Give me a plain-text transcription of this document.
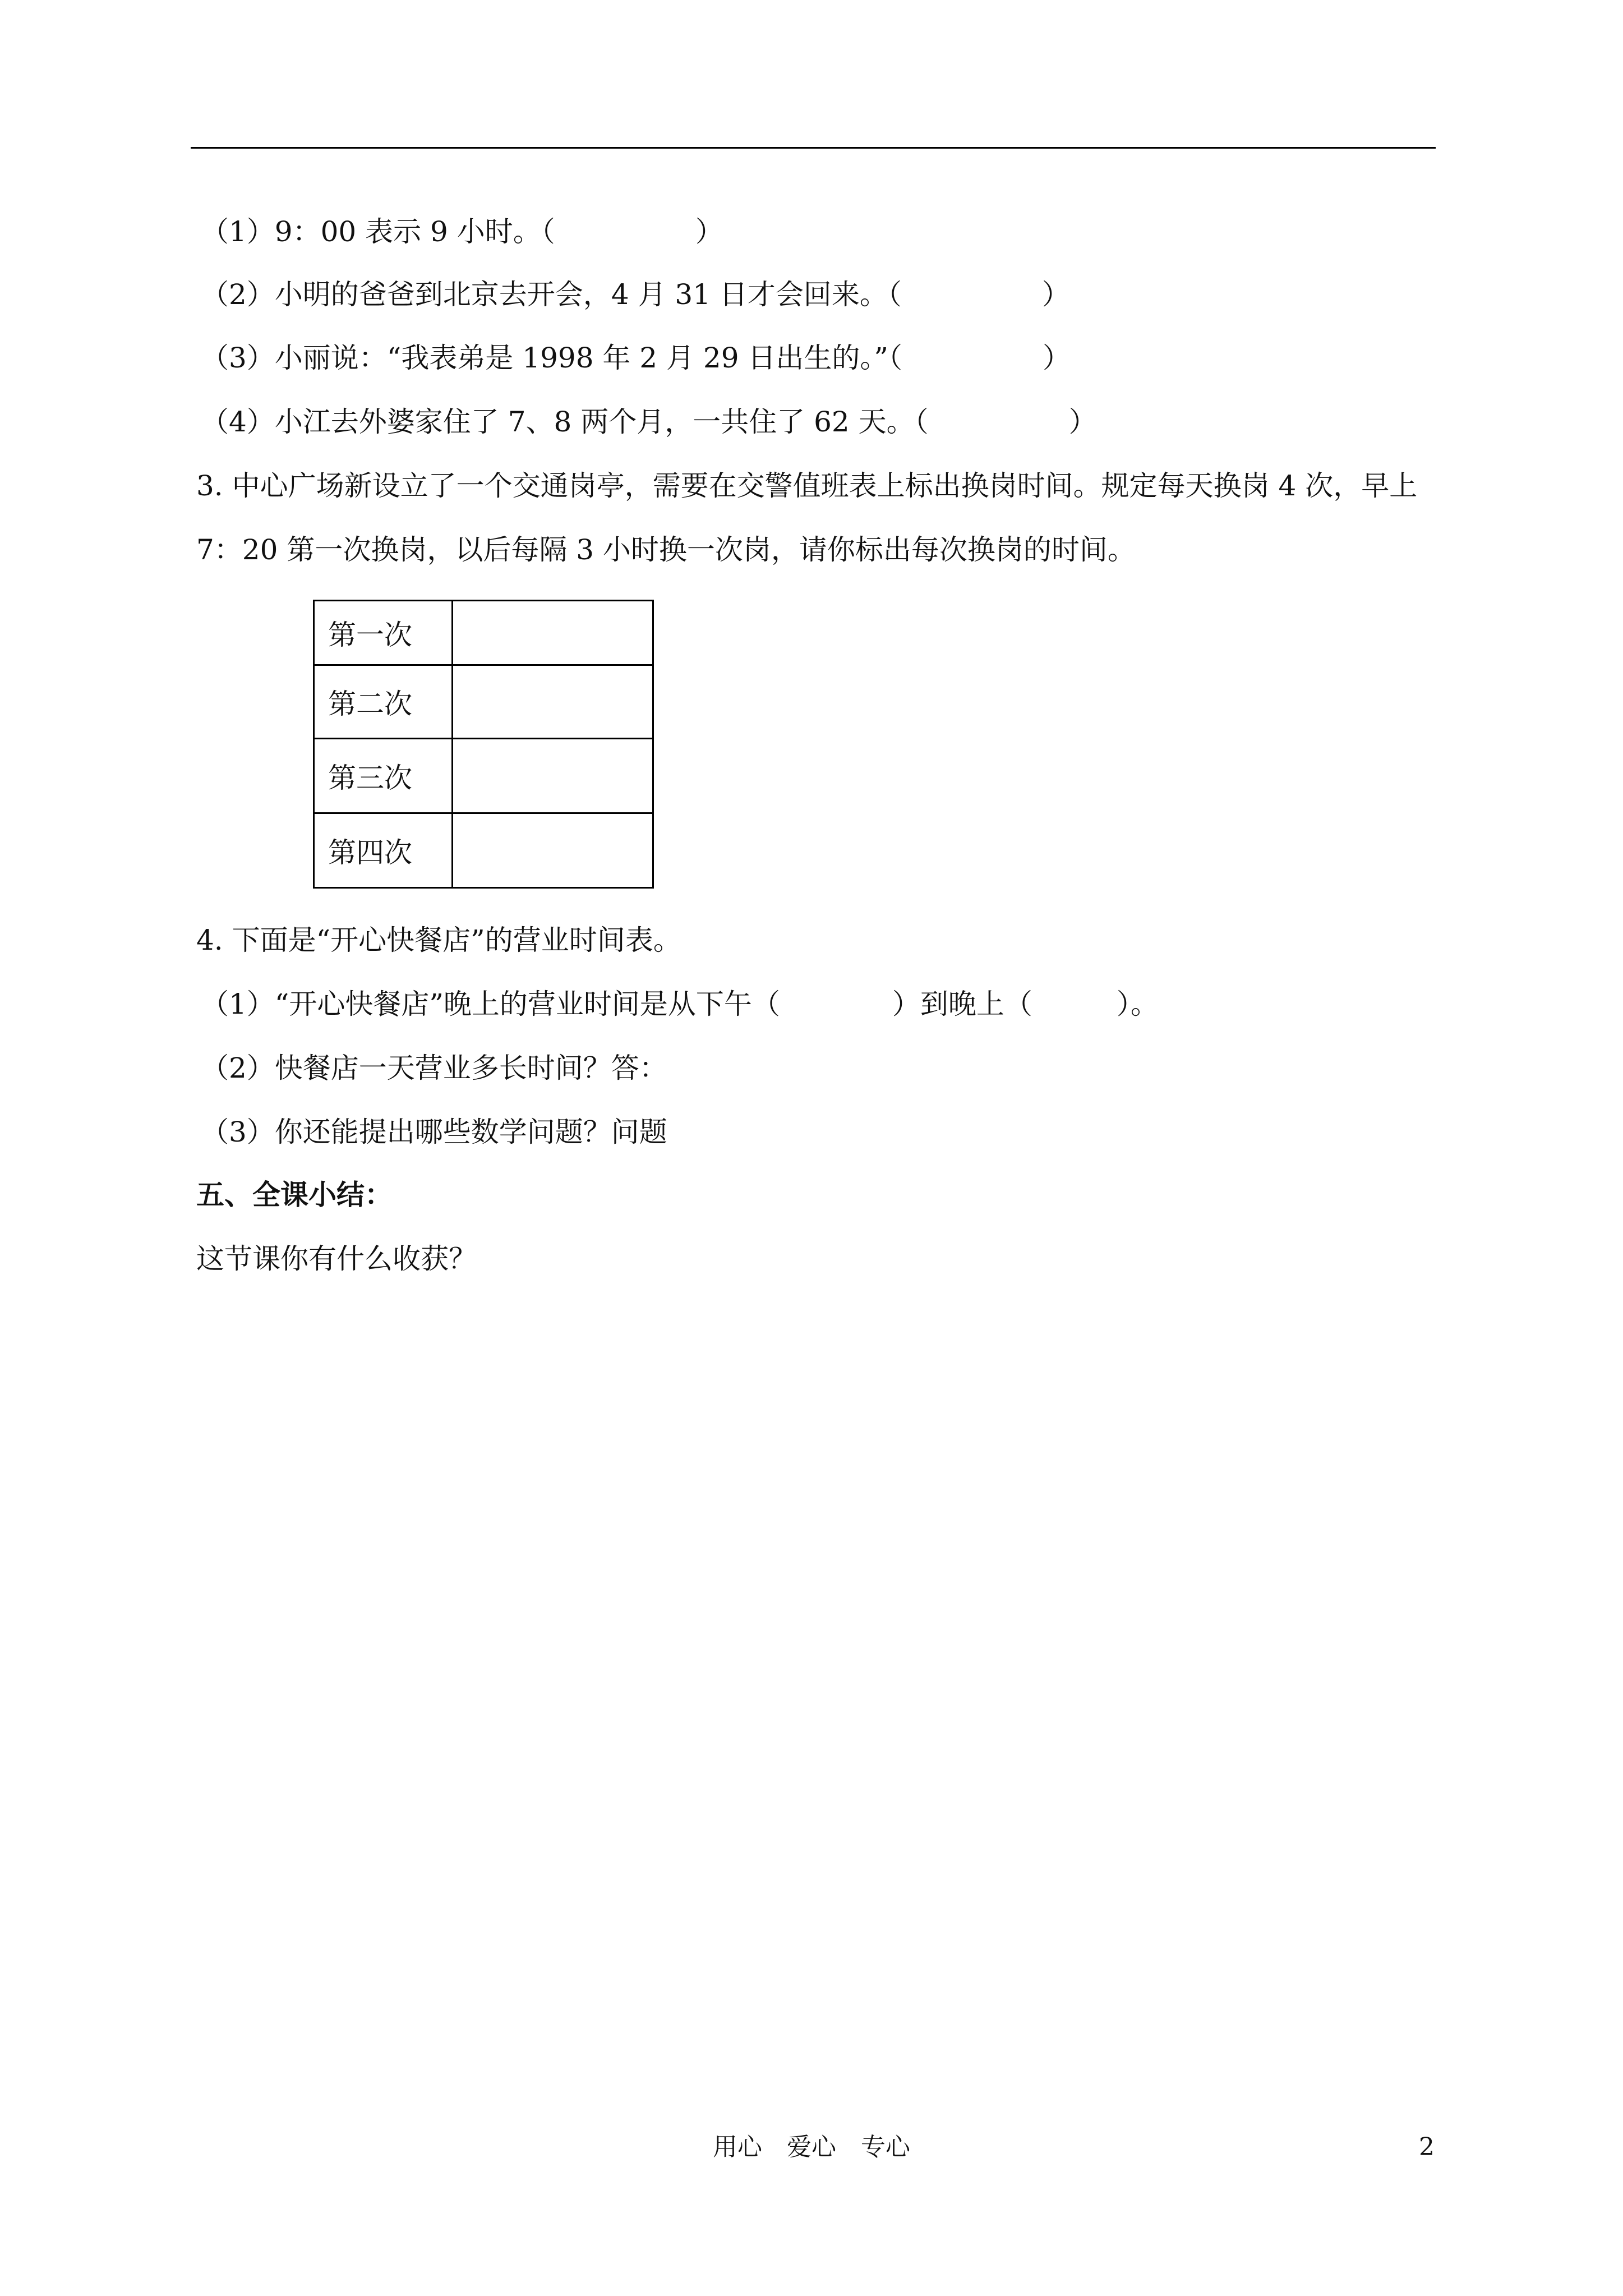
（1）9：00 表示 9 小时。（　　　　　）
（2）小明的爸爸到北京去开会，4 月 31 日才会回来。（　　　　　）
（3）小丽说：“我表弟是 1998 年 2 月 29 日出生的。”（　　　　　）
（4）小江去外婆家住了 7、8 两个月，一共住了 62 天。（　　　　　）
3. 中心广场新设立了一个交通岗亭，需要在交警值班表上标出换岗时间。规定每天换岗 4 次，早上
7：20 第一次换岗，以后每隔 3 小时换一次岗，请你标出每次换岗的时间。
第一次	
第二次	
第三次	
第四次	
4. 下面是“开心快餐店”的营业时间表。
（1）“开心快餐店”晚上的营业时间是从下午（　　　　）到晚上（　　　）。
（2）快餐店一天营业多长时间？答：
（3）你还能提出哪些数学问题？问题
五、全课小结：
这节课你有什么收获？
用心　爱心　专心	2
